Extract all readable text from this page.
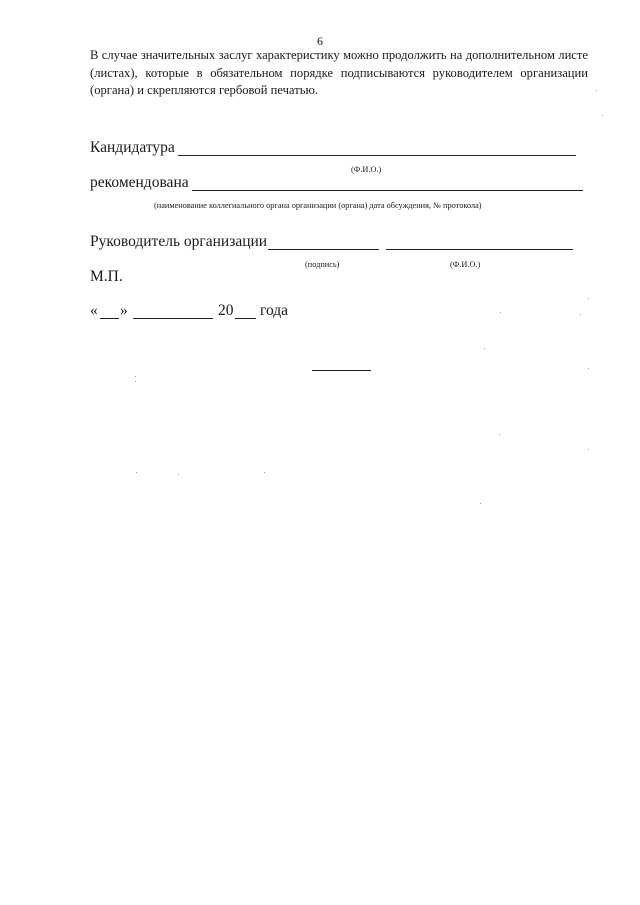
6

В случае значительных заслуг характеристику можно продолжить на дополнительном листе (листах), которые в обязательном порядке подписываются руководителем организации (органа) и скрепляются гербовой печатью.

Кандидатура
(Ф.И.О.)
рекомендована
(наименование коллегиального органа организации (органа) дата обсуждения, № протокола)
Руководитель организации
(подпись)	(Ф.И.О.)
М.П.
« »	20 года
